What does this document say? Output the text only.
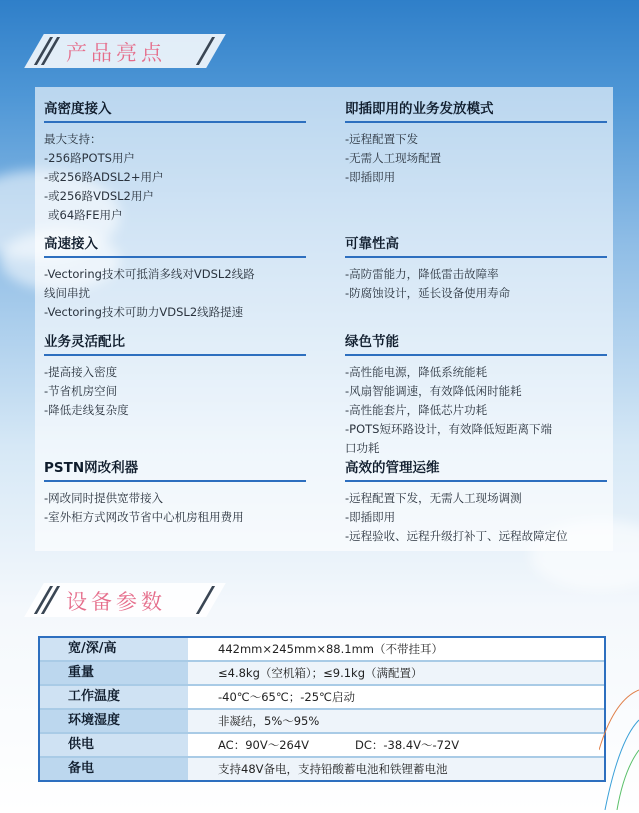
产品亮点
高密度接入
最大支持：
-256路POTS用户
-或256路ADSL2+用户
-或256路VDSL2用户
或64路FE用户
即插即用的业务发放模式
-远程配置下发
-无需人工现场配置
-即插即用
高速接入
-Vectoring技术可抵消多线对VDSL2线路
线间串扰
-Vectoring技术可助力VDSL2线路提速
可靠性高
-高防雷能力，降低雷击故障率
-防腐蚀设计，延长设备使用寿命
业务灵活配比
-提高接入密度
-节省机房空间
-降低走线复杂度
绿色节能
-高性能电源，降低系统能耗
-风扇智能调速，有效降低闲时能耗
-高性能套片，降低芯片功耗
-POTS短环路设计，有效降低短距离下端
口功耗
PSTN网改利器
-网改同时提供宽带接入
-室外柜方式网改节省中心机房租用费用
高效的管理运维
-远程配置下发，无需人工现场调测
-即插即用
-远程验收、远程升级打补丁、远程故障定位
设备参数
宽/深/高	442mm×245mm×88.1mm（不带挂耳）
重量	≤4.8kg（空机箱）；≤9.1kg（满配置）
工作温度	-40℃～65℃；-25℃启动
环境湿度	非凝结，5%～95%
供电	AC：90V～264V	DC：-38.4V～-72V
备电	支持48V备电，支持铅酸蓄电池和铁锂蓄电池
